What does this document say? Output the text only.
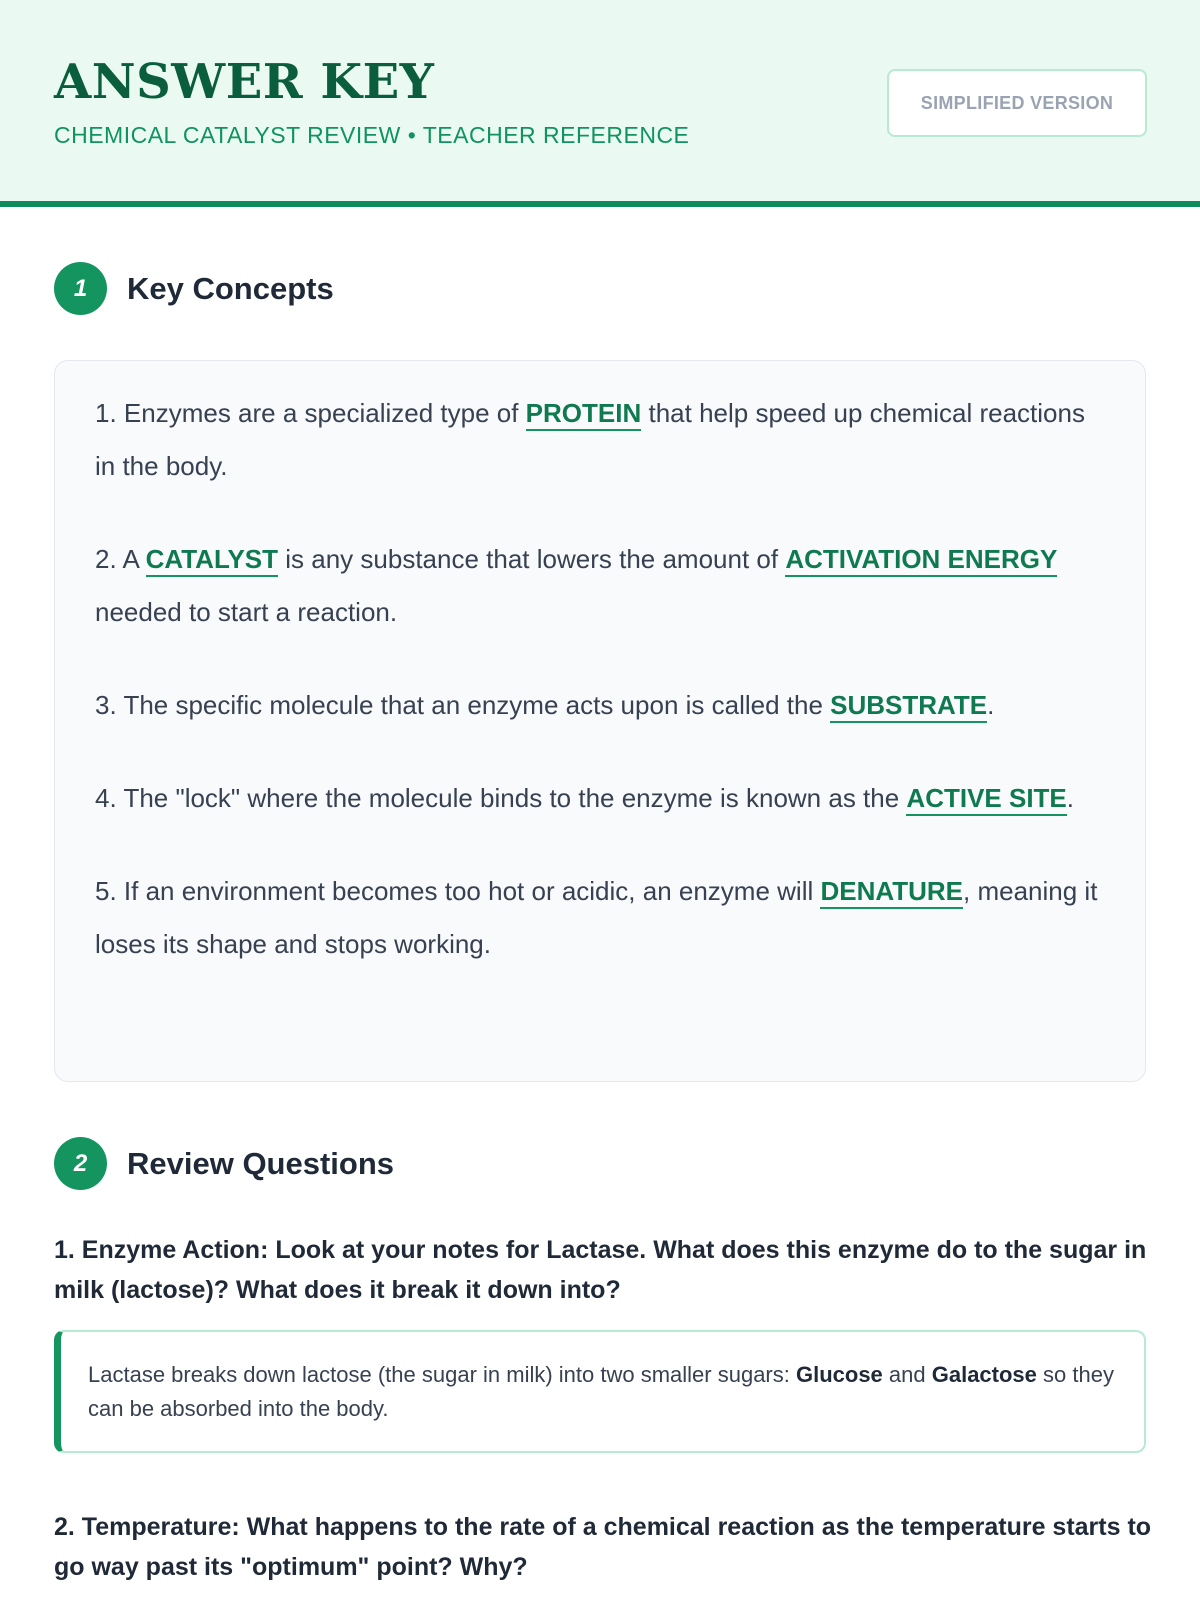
ANSWER KEY
CHEMICAL CATALYST REVIEW • TEACHER REFERENCE
SIMPLIFIED VERSION
1	Key Concepts
1. Enzymes are a specialized type of PROTEIN that help speed up chemical reactions in the body.
2. A CATALYST is any substance that lowers the amount of ACTIVATION ENERGY needed to start a reaction.
3. The specific molecule that an enzyme acts upon is called the SUBSTRATE.
4. The "lock" where the molecule binds to the enzyme is known as the ACTIVE SITE.
5. If an environment becomes too hot or acidic, an enzyme will DENATURE, meaning it loses its shape and stops working.
2	Review Questions
1. Enzyme Action: Look at your notes for Lactase. What does this enzyme do to the sugar in milk (lactose)? What does it break it down into?
Lactase breaks down lactose (the sugar in milk) into two smaller sugars: Glucose and Galactose so they can be absorbed into the body.
2. Temperature: What happens to the rate of a chemical reaction as the temperature starts to go way past its "optimum" point? Why?
